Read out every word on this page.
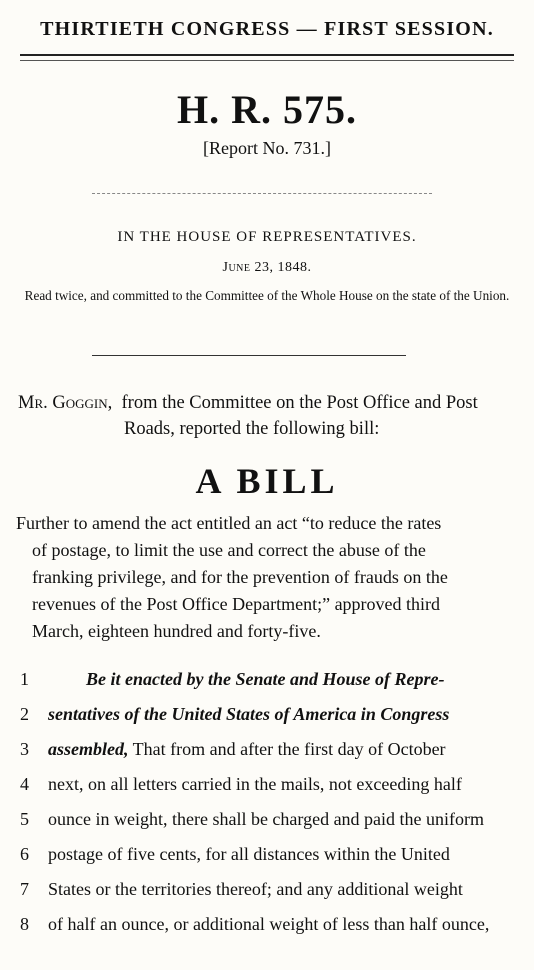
THIRTIETH CONGRESS — FIRST SESSION.
H. R. 575.
[Report No. 731.]
IN THE HOUSE OF REPRESENTATIVES.
June 23, 1848.
Read twice, and committed to the Committee of the Whole House on the state of the Union.
Mr. Goggin, from the Committee on the Post Office and Post
Roads, reported the following bill:
A BILL
Further to amend the act entitled an act “to reduce the rates
of postage, to limit the use and correct the abuse of the
franking privilege, and for the prevention of frauds on the
revenues of the Post Office Department;” approved third
March, eighteen hundred and forty-five.
1	Be it enacted by the Senate and House of Repre-
2	sentatives of the United States of America in Congress
3	assembled, That from and after the first day of October
4	next, on all letters carried in the mails, not exceeding half
5	ounce in weight, there shall be charged and paid the uniform
6	postage of five cents, for all distances within the United
7	States or the territories thereof; and any additional weight
8	of half an ounce, or additional weight of less than half ounce,
